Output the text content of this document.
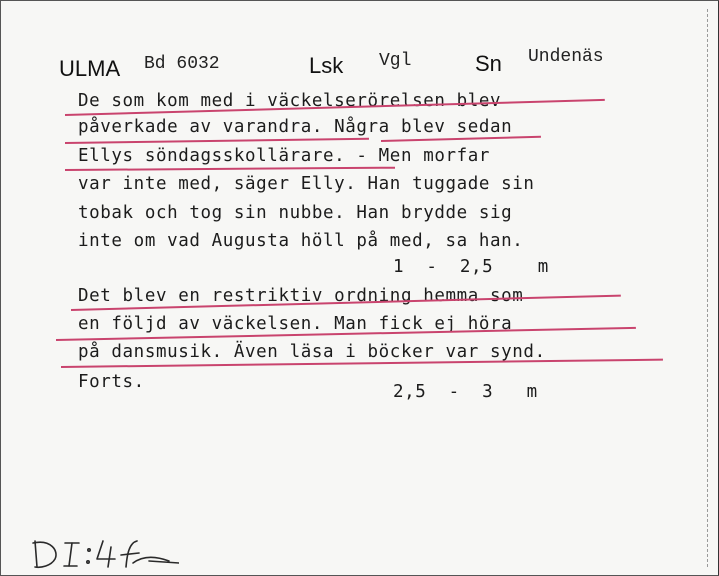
ULMA Bd 6032	Lsk Vgl	Sn Undenäs
De som kom med i väckelserörelsen blev
påverkade av varandra. Några blev sedan
Ellys söndagsskollärare. - Men morfar
var inte med, säger Elly. Han tuggade sin
tobak och tog sin nubbe. Han brydde sig
inte om vad Augusta höll på med, sa han.
1  -  2,5    m
Det blev en restriktiv ordning hemma som
en följd av väckelsen. Man fick ej höra
på dansmusik. Även läsa i böcker var synd.
Forts.	2,5  -  3   m
